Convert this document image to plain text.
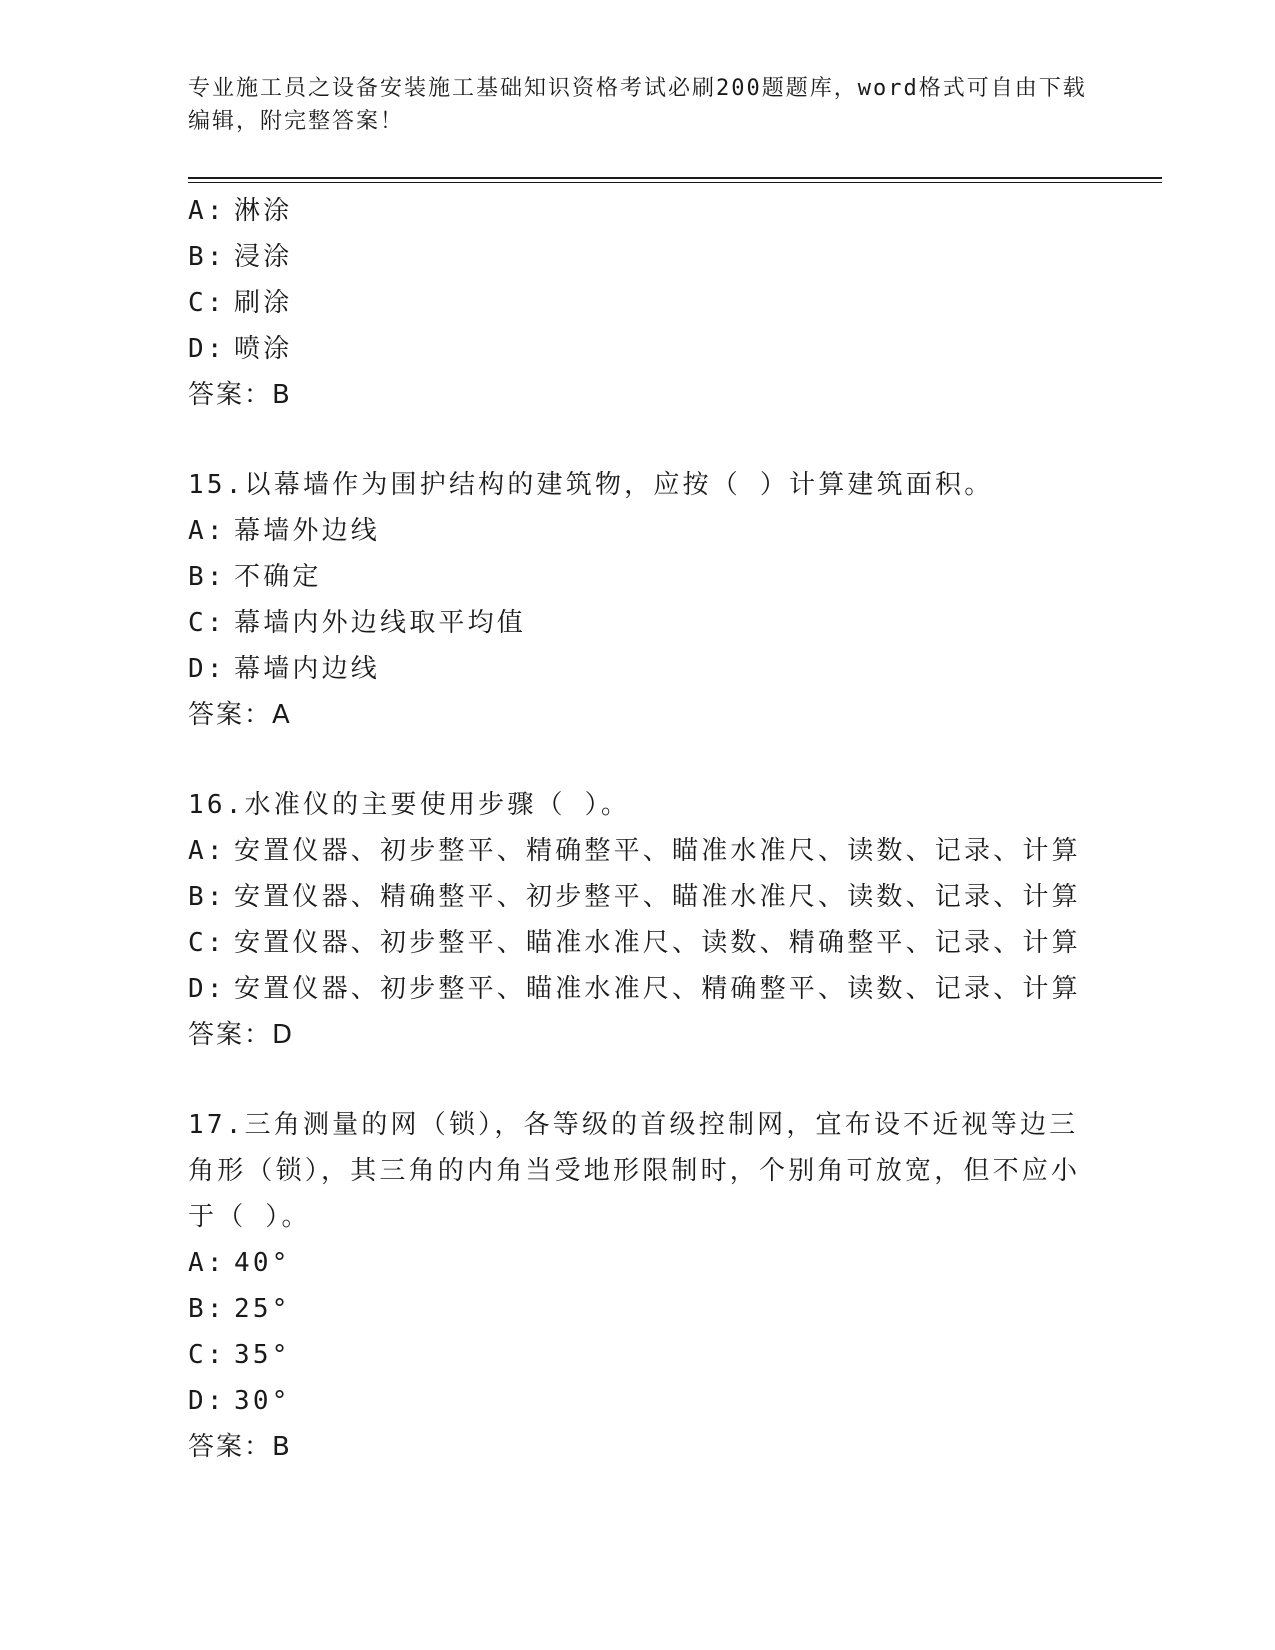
专业施工员之设备安装施工基础知识资格考试必刷200题题库，word格式可自由下载编辑，附完整答案！
A: 淋涂
B: 浸涂
C: 刷涂
D: 喷涂
答案：B
15.以幕墙作为围护结构的建筑物，应按（ ）计算建筑面积。
A: 幕墙外边线
B: 不确定
C: 幕墙内外边线取平均值
D: 幕墙内边线
答案：A
16.水准仪的主要使用步骤（ ）。
A: 安置仪器、初步整平、精确整平、瞄准水准尺、读数、记录、计算
B: 安置仪器、精确整平、初步整平、瞄准水准尺、读数、记录、计算
C: 安置仪器、初步整平、瞄准水准尺、读数、精确整平、记录、计算
D: 安置仪器、初步整平、瞄准水准尺、精确整平、读数、记录、计算
答案：D
17.三角测量的网（锁），各等级的首级控制网，宜布设不近视等边三角形（锁），其三角的内角当受地形限制时，个别角可放宽，但不应小于（ ）。
A: 40°
B: 25°
C: 35°
D: 30°
答案：B
